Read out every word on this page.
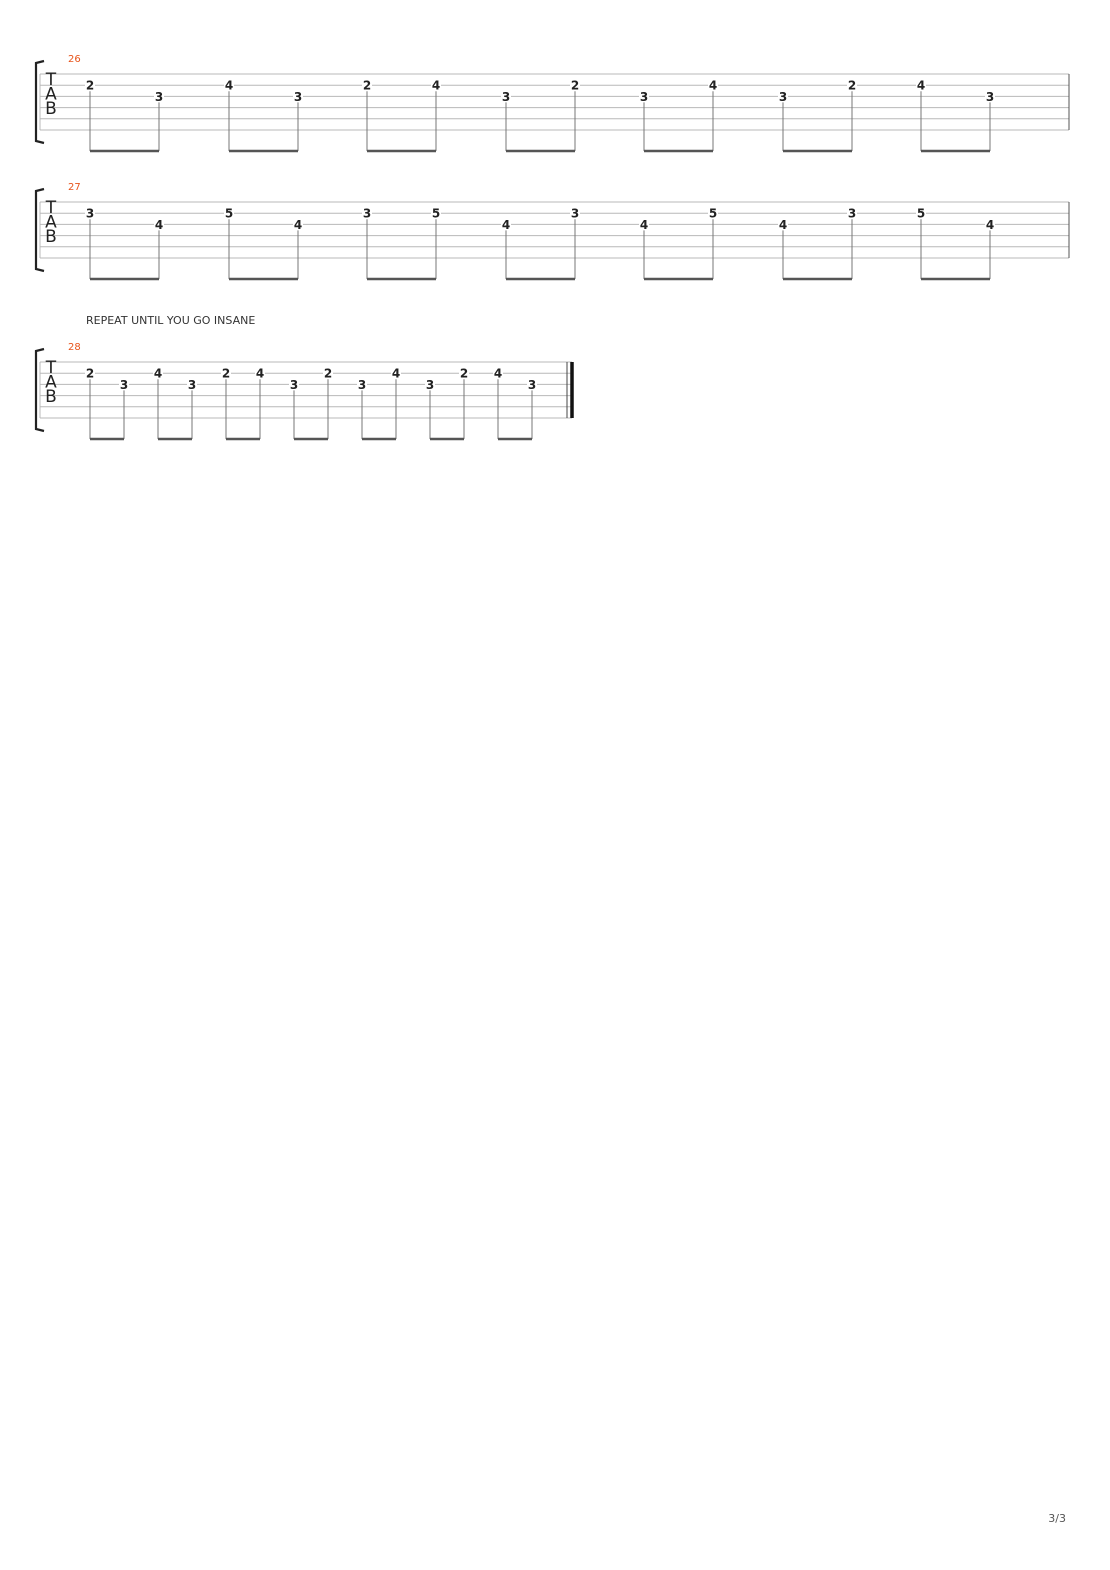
26
T
A
B
2
3
4
3
2	4
3
2
3
4
3
2	4
3
27
T
A
B
3
4
5
4
3	5
4
3
4
5
4
3	5
4
REPEAT UNTIL YOU GO INSANE
28
T
A
B
2
3
4
3
2 4
3
2
3
4
3
2 4
3
3/3
